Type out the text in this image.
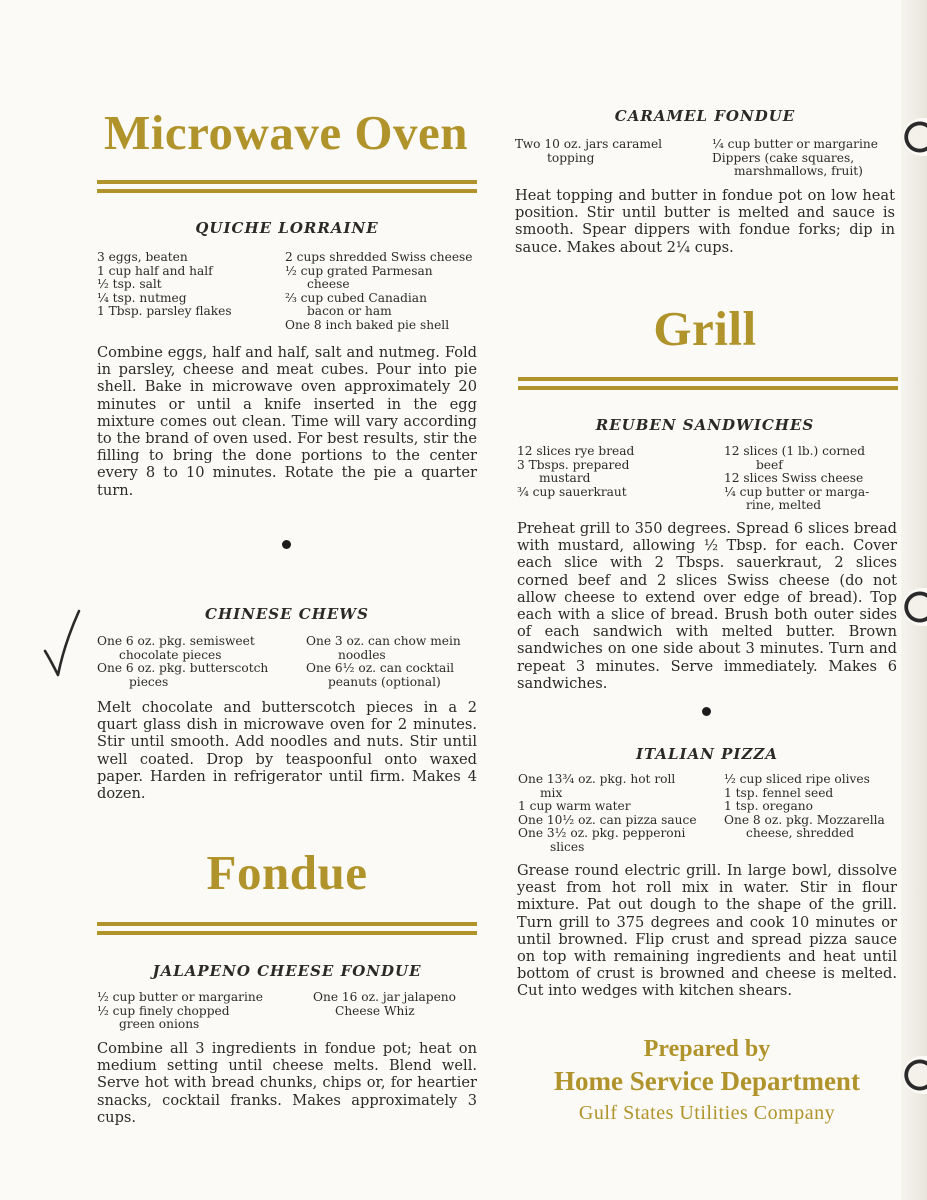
Microwave Oven
QUICHE LORRAINE
3 eggs, beaten
1 cup half and half
½ tsp. salt
¼ tsp. nutmeg
1 Tbsp. parsley flakes
2 cups shredded Swiss cheese
½ cup grated Parmesan
cheese
⅔ cup cubed Canadian
bacon or ham
One 8 inch baked pie shell

Combine eggs, half and half, salt and nutmeg. Fold in parsley, cheese and meat cubes. Pour into pie shell. Bake in microwave oven approximately 20 minutes or until a knife inserted in the egg mixture comes out clean. Time will vary according to the brand of oven used. For best results, stir the filling to bring the done portions to the center every 8 to 10 minutes. Rotate the pie a quarter turn.

CHINESE CHEWS
One 6 oz. pkg. semisweet
chocolate pieces
One 6 oz. pkg. butterscotch
pieces
One 3 oz. can chow mein
noodles
One 6½ oz. can cocktail
peanuts (optional)

Melt chocolate and butterscotch pieces in a 2 quart glass dish in microwave oven for 2 minutes. Stir until smooth. Add noodles and nuts. Stir until well coated. Drop by teaspoonful onto waxed paper. Harden in refrigerator until firm. Makes 4 dozen.

Fondue
JALAPENO CHEESE FONDUE
½ cup butter or margarine
½ cup finely chopped
green onions
One 16 oz. jar jalapeno
Cheese Whiz

Combine all 3 ingredients in fondue pot; heat on medium setting until cheese melts. Blend well. Serve hot with bread chunks, chips or, for heartier snacks, cocktail franks. Makes approximately 3 cups.

CARAMEL FONDUE
Two 10 oz. jars caramel
topping
¼ cup butter or margarine
Dippers (cake squares,
marshmallows, fruit)

Heat topping and butter in fondue pot on low heat position. Stir until butter is melted and sauce is smooth. Spear dippers with fondue forks; dip in sauce. Makes about 2¼ cups.

Grill
REUBEN SANDWICHES
12 slices rye bread
3 Tbsps. prepared
mustard
¾ cup sauerkraut
12 slices (1 lb.) corned
beef
12 slices Swiss cheese
¼ cup butter or marga-
rine, melted

Preheat grill to 350 degrees. Spread 6 slices bread with mustard, allowing ½ Tbsp. for each. Cover each slice with 2 Tbsps. sauerkraut, 2 slices corned beef and 2 slices Swiss cheese (do not allow cheese to extend over edge of bread). Top each with a slice of bread. Brush both outer sides of each sandwich with melted butter. Brown sandwiches on one side about 3 minutes. Turn and repeat 3 minutes. Serve immediately. Makes 6 sandwiches.

ITALIAN PIZZA
One 13¾ oz. pkg. hot roll
mix
1 cup warm water
One 10½ oz. can pizza sauce
One 3½ oz. pkg. pepperoni
slices
½ cup sliced ripe olives
1 tsp. fennel seed
1 tsp. oregano
One 8 oz. pkg. Mozzarella
cheese, shredded

Grease round electric grill. In large bowl, dissolve yeast from hot roll mix in water. Stir in flour mixture. Pat out dough to the shape of the grill. Turn grill to 375 degrees and cook 10 minutes or until browned. Flip crust and spread pizza sauce on top with remaining ingredients and heat until bottom of crust is browned and cheese is melted. Cut into wedges with kitchen shears.

Prepared by

Home Service Department

Gulf States Utilities Company
